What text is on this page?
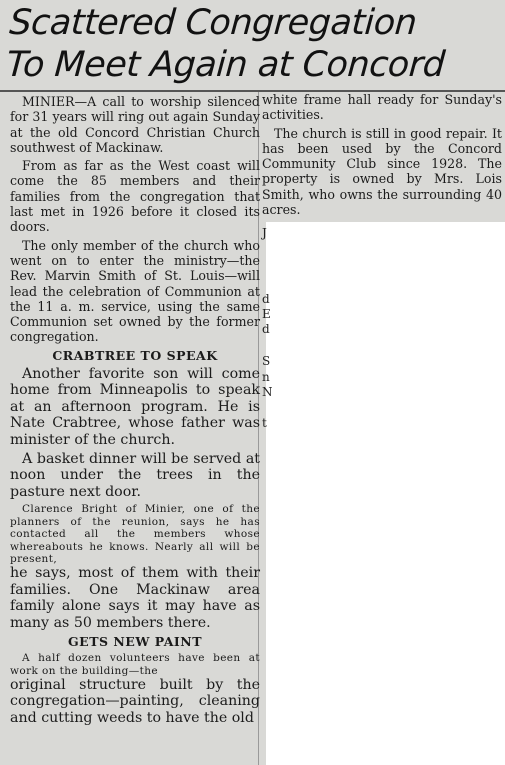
Scattered Congregation
To Meet Again at Concord

MINIER—A call to worship silenced for 31 years will ring out again Sunday at the old Concord Christian Church southwest of Mackinaw.

From as far as the West coast will come the 85 members and their families from the congregation that last met in 1926 before it closed its doors.

The only member of the church who went on to enter the ministry—the Rev. Marvin Smith of St. Louis—will lead the celebration of Communion at the 11 a. m. service, using the same Communion set owned by the former congregation.

CRABTREE TO SPEAK

Another favorite son will come home from Minneapolis to speak at an afternoon program. He is Nate Crabtree, whose father was minister of the church.

A basket dinner will be served at noon under the trees in the pasture next door.

Clarence Bright of Minier, one of the planners of the reunion, says he has contacted all the members whose whereabouts he knows. Nearly all will be present,

he says, most of them with their families. One Mackinaw area family alone says it may have as many as 50 members there.

GETS NEW PAINT

A half dozen volunteers have been at work on the building—the

original structure built by the congregation—painting, cleaning and cutting weeds to have the old

white frame hall ready for Sunday's activities.

The church is still in good repair. It has been used by the Concord Community Club since 1928. The property is owned by Mrs. Lois Smith, who owns the surrounding 40 acres.

J
d
E
d
S
n
N
t
